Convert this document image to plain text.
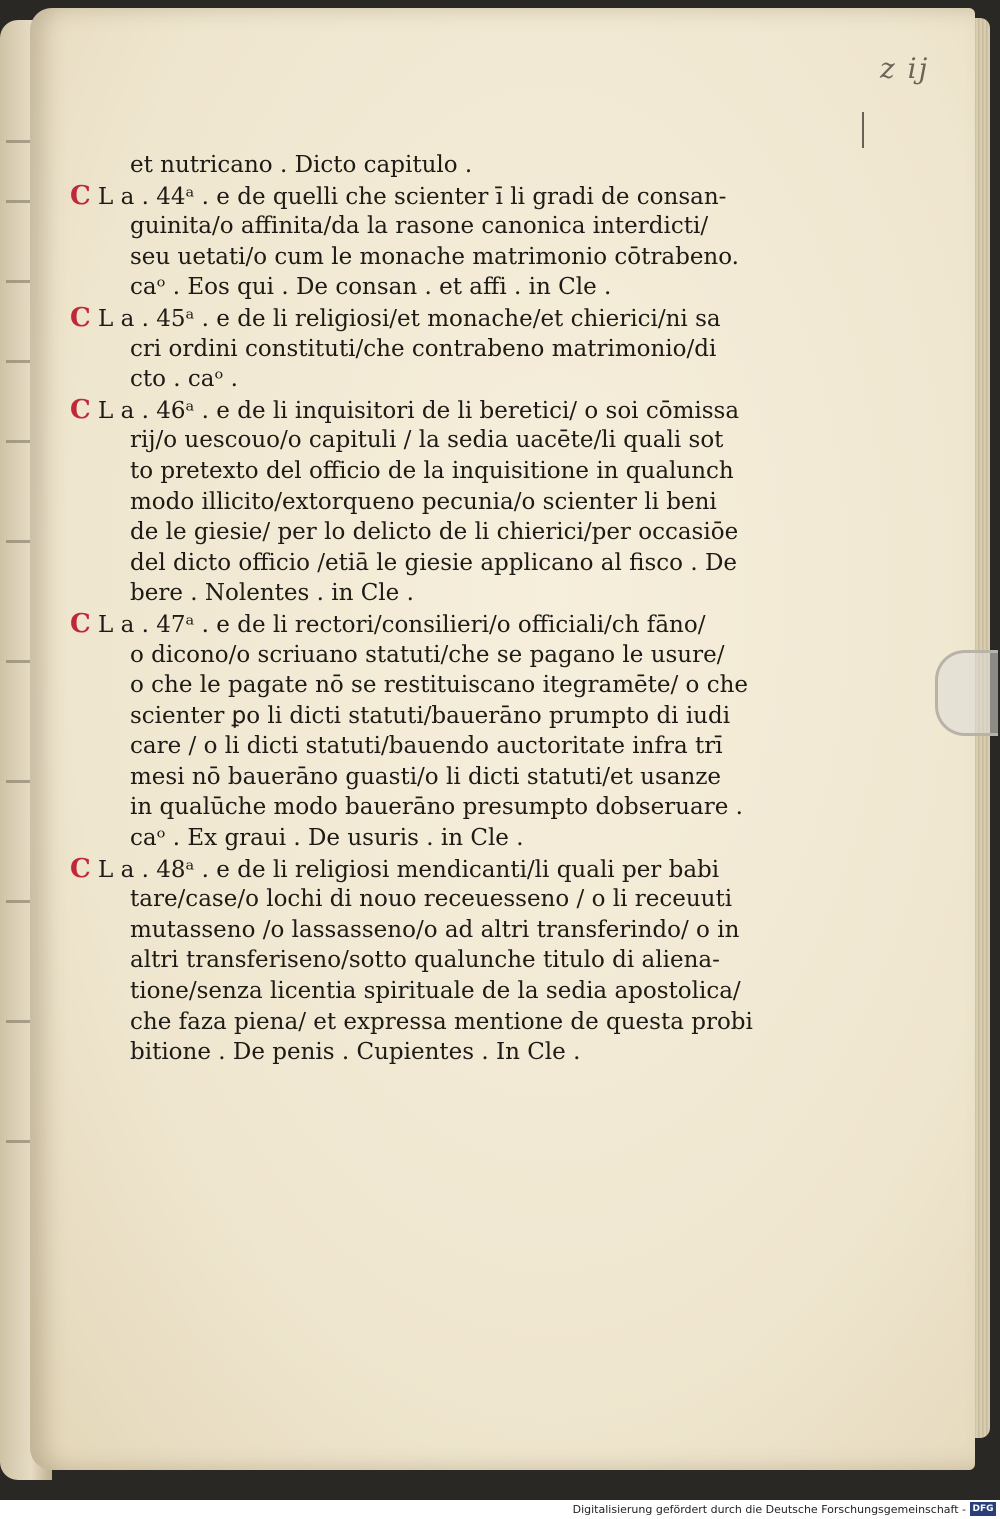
z ij
et nutricano . Dicto capitulo .
C L a . 44ᵃ . e de quelli che scienter ī li gradi de consan-
guinita/o affinita/da la rasone canonica interdicti/
seu uetati/o cum le monache matrimonio cōtrabeno.
caᵒ . Eos qui . De consan . et affi . in Cle .
C L a . 45ᵃ . e de li religiosi/et monache/et chierici/ni sa
cri ordini constituti/che contrabeno matrimonio/di
cto . caᵒ .
C L a . 46ᵃ . e de li inquisitori de li beretici/ o soi cōmissa
rij/o uescouo/o capituli / la sedia uacēte/li quali sot
to pretexto del officio de la inquisitione in qualunch
modo illicito/extorqueno pecunia/o scienter li beni
de le giesie/ per lo delicto de li chierici/per occasiōe
del dicto officio /etiā le giesie applicano al fisco . De
bere . Nolentes . in Cle .
C L a . 47ᵃ . e de li rectori/consilieri/o officiali/ch fāno/
o dicono/o scriuano statuti/che se pagano le usure/
o che le pagate nō se restituiscano itegramēte/ o che
scienter ꝑo li dicti statuti/bauerāno prumpto di iudi
care / o li dicti statuti/bauendo auctoritate infra trī
mesi nō bauerāno guasti/o li dicti statuti/et usanze
in qualūche modo bauerāno presumpto dobseruare .
caᵒ . Ex graui . De usuris . in Cle .
C L a . 48ᵃ . e de li religiosi mendicanti/li quali per babi
tare/case/o lochi di nouo receuesseno / o li receuuti
mutasseno /o lassasseno/o ad altri transferindo/ o in
altri transferiseno/sotto qualunche titulo di aliena-
tione/senza licentia spirituale de la sedia apostolica/
che faza piena/ et expressa mentione de questa probi
bitione . De penis . Cupientes . In Cle .
Digitalisierung gefördert durch die Deutsche Forschungsgemeinschaft - DFG
